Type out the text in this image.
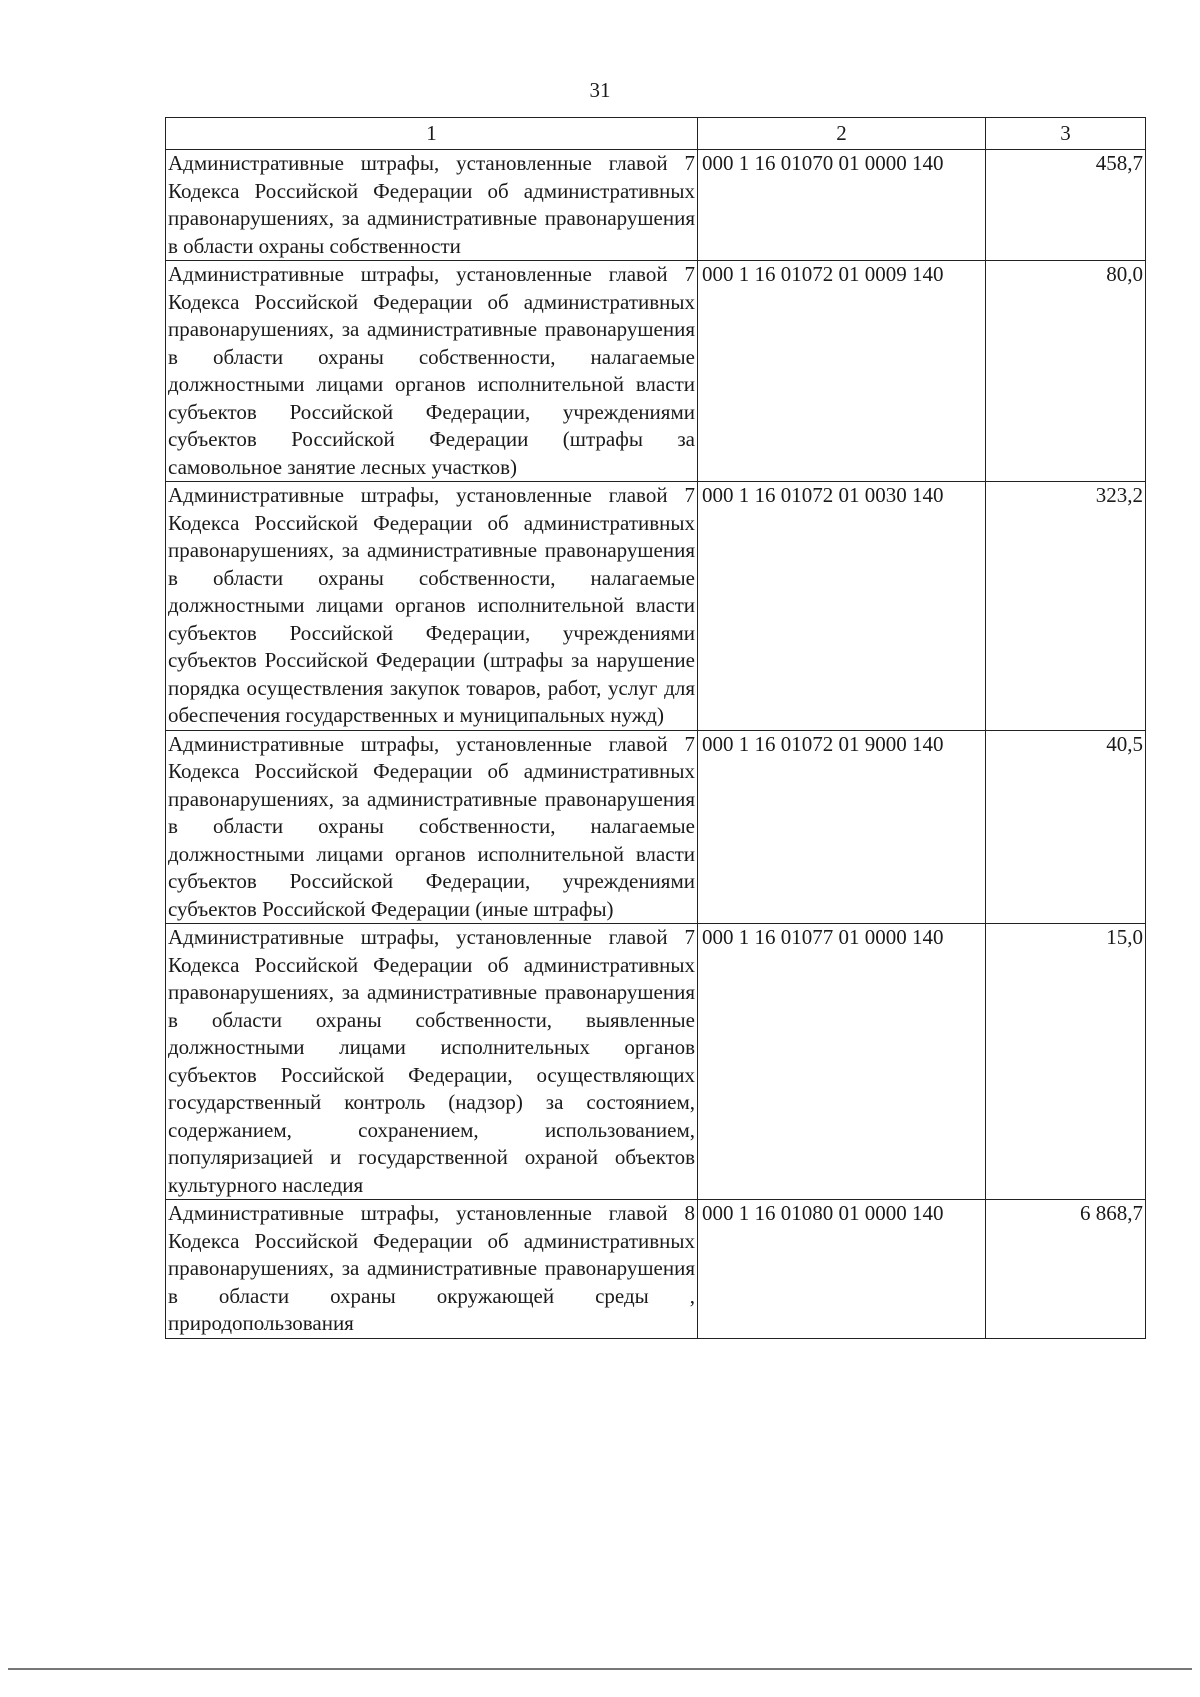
31
1	2	3
Административные штрафы, установленные главой 7 Кодекса Российской Федерации об административных правонарушениях, за административные правонарушения в области охраны собственности	000 1 16 01070 01 0000 140	458,7
Административные штрафы, установленные главой 7 Кодекса Российской Федерации об административных правонарушениях, за административные правонарушения в области охраны собственности, налагаемые должностными лицами органов исполнительной власти субъектов Российской Федерации, учреждениями субъектов Российской Федерации (штрафы за самовольное занятие лесных участков)	000 1 16 01072 01 0009 140	80,0
Административные штрафы, установленные главой 7 Кодекса Российской Федерации об административных правонарушениях, за административные правонарушения в области охраны собственности, налагаемые должностными лицами органов исполнительной власти субъектов Российской Федерации, учреждениями субъектов Российской Федерации (штрафы за нарушение порядка осуществления закупок товаров, работ, услуг для обеспечения государственных и муниципальных нужд)	000 1 16 01072 01 0030 140	323,2
Административные штрафы, установленные главой 7 Кодекса Российской Федерации об административных правонарушениях, за административные правонарушения в области охраны собственности, налагаемые должностными лицами органов исполнительной власти субъектов Российской Федерации, учреждениями субъектов Российской Федерации (иные штрафы)	000 1 16 01072 01 9000 140	40,5
Административные штрафы, установленные главой 7 Кодекса Российской Федерации об административных правонарушениях, за административные правонарушения в области охраны собственности, выявленные должностными лицами исполнительных органов субъектов Российской Федерации, осуществляющих государственный контроль (надзор) за состоянием, содержанием, сохранением, использованием, популяризацией и государственной охраной объектов культурного наследия	000 1 16 01077 01 0000 140	15,0
Административные штрафы, установленные главой 8 Кодекса Российской Федерации об административных правонарушениях, за административные правонарушения в области охраны окружающей среды , природопользования	000 1 16 01080 01 0000 140	6 868,7
